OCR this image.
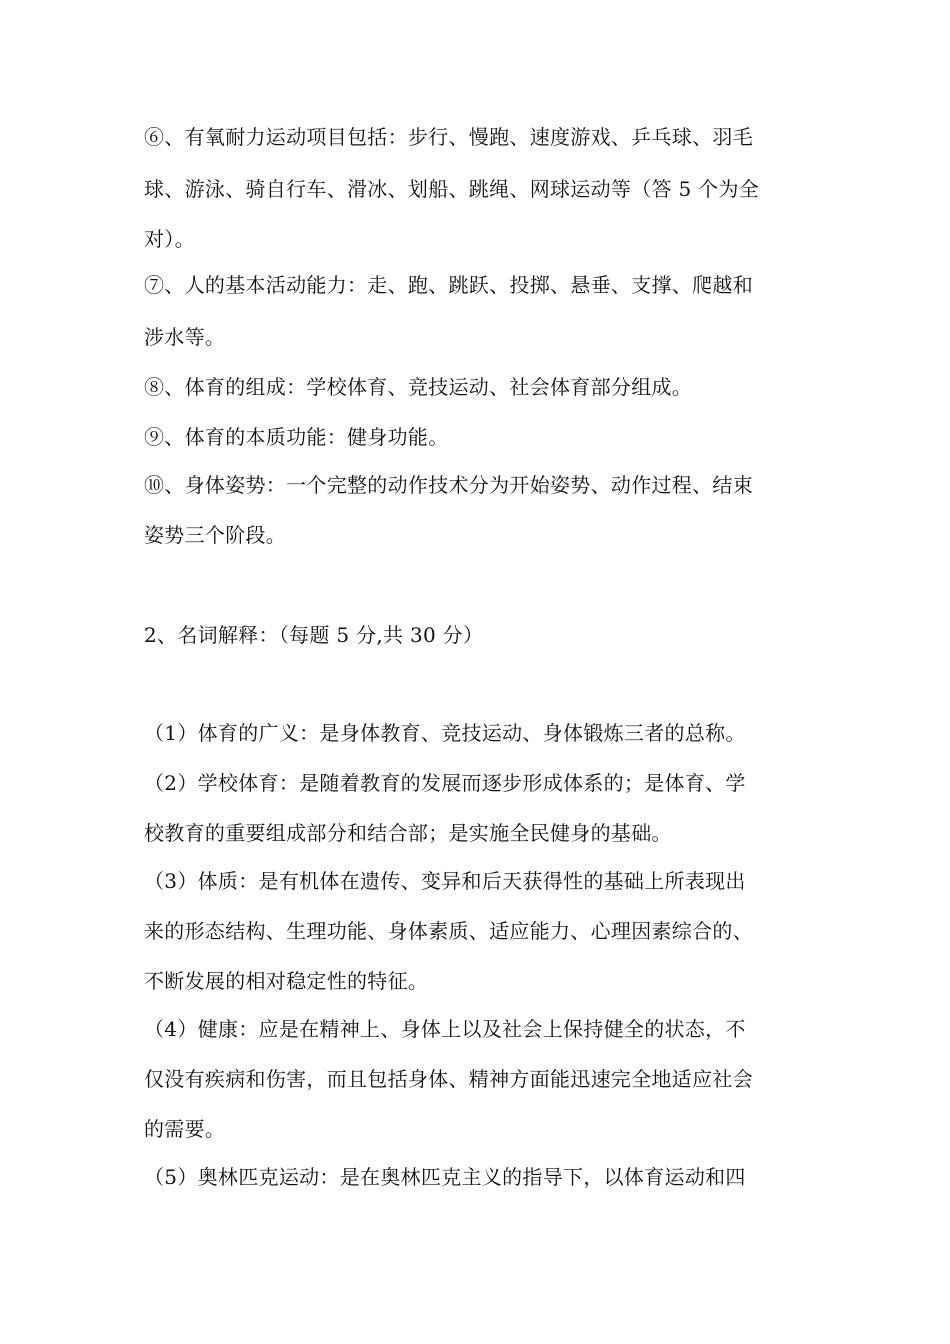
⑥、有氧耐力运动项目包括：步行、慢跑、速度游戏、乒乓球、羽毛
球、游泳、骑自行车、滑冰、划船、跳绳、网球运动等（答 5 个为全
对）。
⑦、人的基本活动能力：走、跑、跳跃、投掷、悬垂、支撑、爬越和
涉水等。
⑧、体育的组成：学校体育、竞技运动、社会体育部分组成。
⑨、体育的本质功能：健身功能。
⑩、身体姿势：一个完整的动作技术分为开始姿势、动作过程、结束
姿势三个阶段。
2、名词解释：（每题 5 分,共 30 分）
（1）体育的广义：是身体教育、竞技运动、身体锻炼三者的总称。
（2）学校体育：是随着教育的发展而逐步形成体系的；是体育、学
校教育的重要组成部分和结合部；是实施全民健身的基础。
（3）体质：是有机体在遗传、变异和后天获得性的基础上所表现出
来的形态结构、生理功能、身体素质、适应能力、心理因素综合的、
不断发展的相对稳定性的特征。
（4）健康：应是在精神上、身体上以及社会上保持健全的状态，不
仅没有疾病和伤害，而且包括身体、精神方面能迅速完全地适应社会
的需要。
（5）奥林匹克运动：是在奥林匹克主义的指导下，以体育运动和四
